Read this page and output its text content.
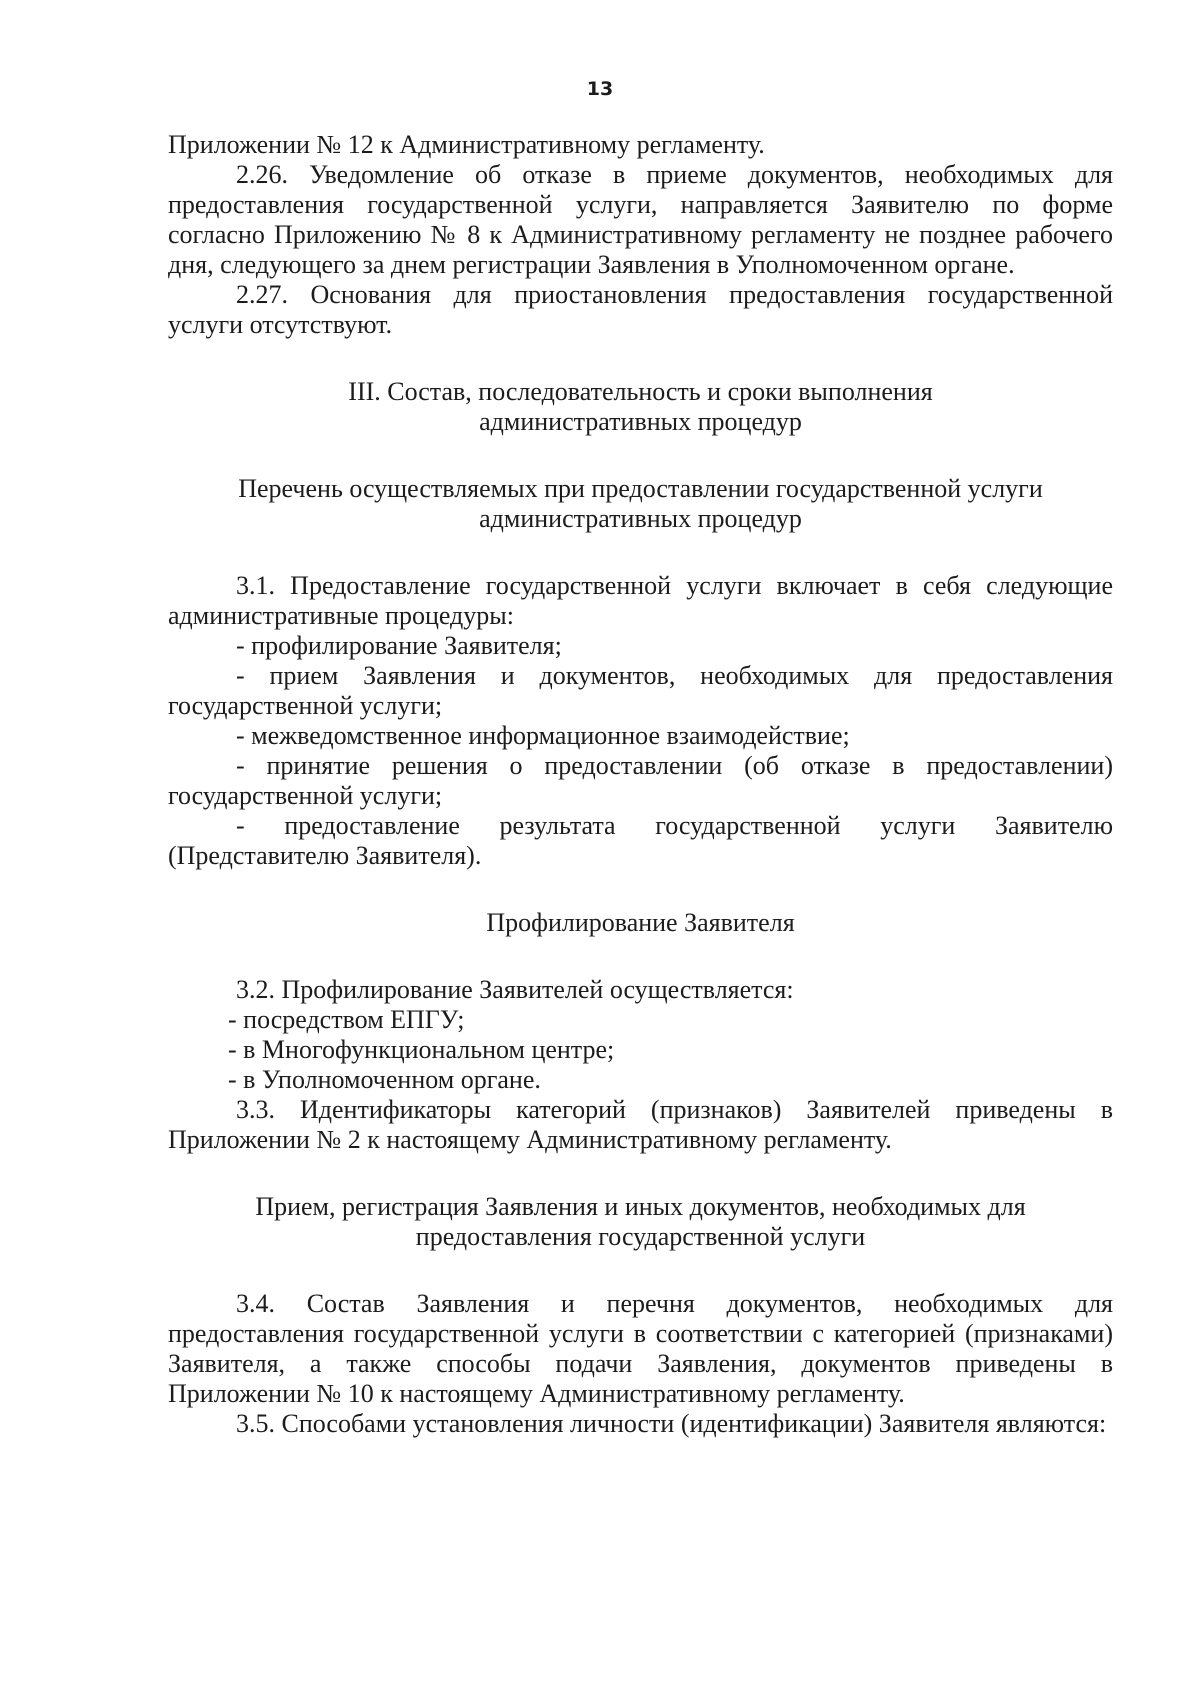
13

Приложении № 12 к Административному регламенту.

2.26. Уведомление об отказе в приеме документов, необходимых для предоставления государственной услуги, направляется Заявителю по форме согласно Приложению № 8 к Административному регламенту не позднее рабочего дня, следующего за днем регистрации Заявления в Уполномоченном органе.

2.27. Основания для приостановления предоставления государственной услуги отсутствуют.

III. Состав, последовательность и сроки выполнения
административных процедур
Перечень осуществляемых при предоставлении государственной услуги
административных процедур

3.1. Предоставление государственной услуги включает в себя следующие административные процедуры:

- профилирование Заявителя;
- прием Заявления и документов, необходимых для предоставления государственной услуги;
- межведомственное информационное взаимодействие;
- принятие решения о предоставлении (об отказе в предоставлении) государственной услуги;
- предоставление результата государственной услуги Заявителю (Представителю Заявителя).
Профилирование Заявителя

3.2. Профилирование Заявителей осуществляется:

- посредством ЕПГУ;
- в Многофункциональном центре;
- в Уполномоченном органе.

3.3. Идентификаторы категорий (признаков) Заявителей приведены в Приложении № 2 к настоящему Административному регламенту.

Прием, регистрация Заявления и иных документов, необходимых для
предоставления государственной услуги

3.4. Состав Заявления и перечня документов, необходимых для предоставления государственной услуги в соответствии с категорией (признаками) Заявителя, а также способы подачи Заявления, документов приведены в Приложении № 10 к настоящему Административному регламенту.

3.5. Способами установления личности (идентификации) Заявителя являются:
